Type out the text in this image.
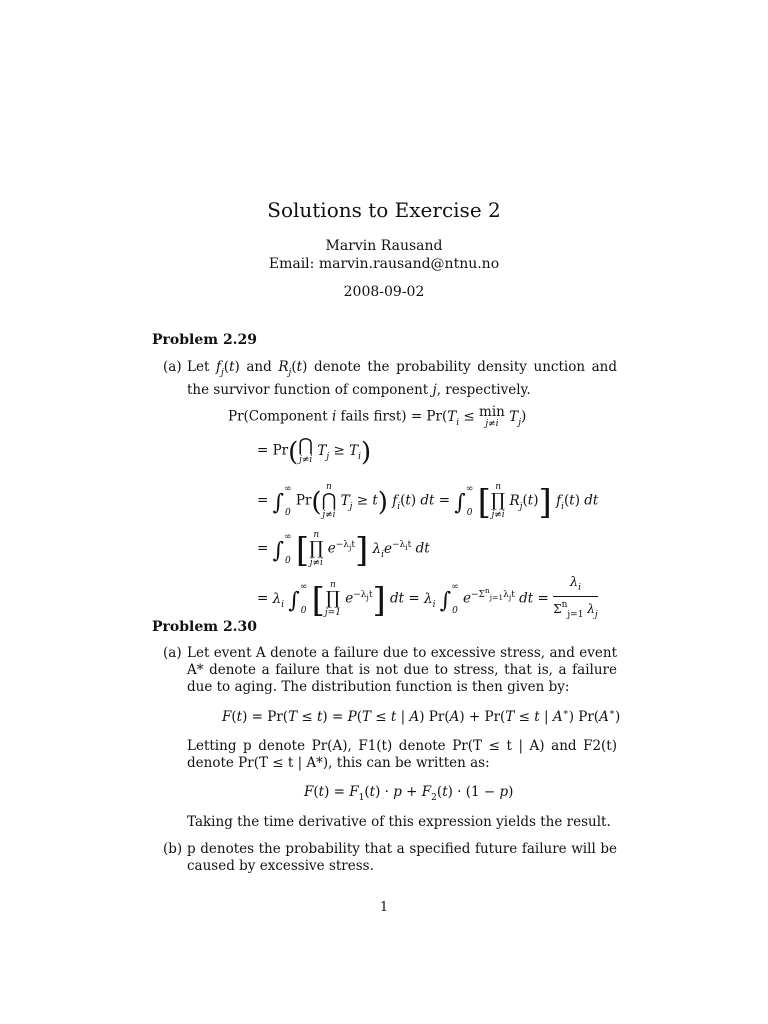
Solutions to Exercise 2
Marvin Rausand
Email: marvin.rausand@ntnu.no
2008-09-02
Problem 2.29
(a) Let $f_j(t)$ and $R_j(t)$ denote the probability density unction and the survivor function of component j, respectively.
Pr(Component i fails first) = $Pr(T_i \le \min$
j≠i $T_j$)
= Pr( ⋂
j≠i
$T_j \ge T_i$)
= ∫
∞
0
Pr(
n
⋂
j≠i
$T_j \ge t$) $f_i(t)$ dt = ∫
∞
0 [ n
∏
j≠i
$R_j(t)$] $f_i(t)$ dt
= ∫
∞
0 [ n
∏
j≠i
$e^{-\lambda_jt}$] $\lambda_ie^{-\lambda_it}$ dt
= $\lambda_i$ ∫
∞
0 [ n
∏
j=1
$e^{-\lambda_jt}$] dt = $\lambda_i$ ∫
∞
0
$e^{-\Sigma^n_{j=1}\lambda_jt}$ dt = $\frac{\lambda_i}{\Sigma^n_{j=1} \lambda_j}$
Problem 2.30
(a) Let event A denote a failure due to excessive stress, and event A* denote a failure that is not due to stress, that is, a failure due to aging. The distribution function is then given by:
F(t) = Pr(T ≤ t) = P(T ≤ t | A) Pr(A) + Pr(T ≤ t | A∗) Pr(A∗)
Letting p denote Pr(A), F1(t) denote Pr(T ≤ t | A) and F2(t) denote Pr(T ≤ t | A*), this can be written as:
$F(t) = F_1(t) \cdot p + F_2(t) \cdot (1 - p)$
Taking the time derivative of this expression yields the result.
(b) p denotes the probability that a specified future failure will be caused by excessive stress.
1
